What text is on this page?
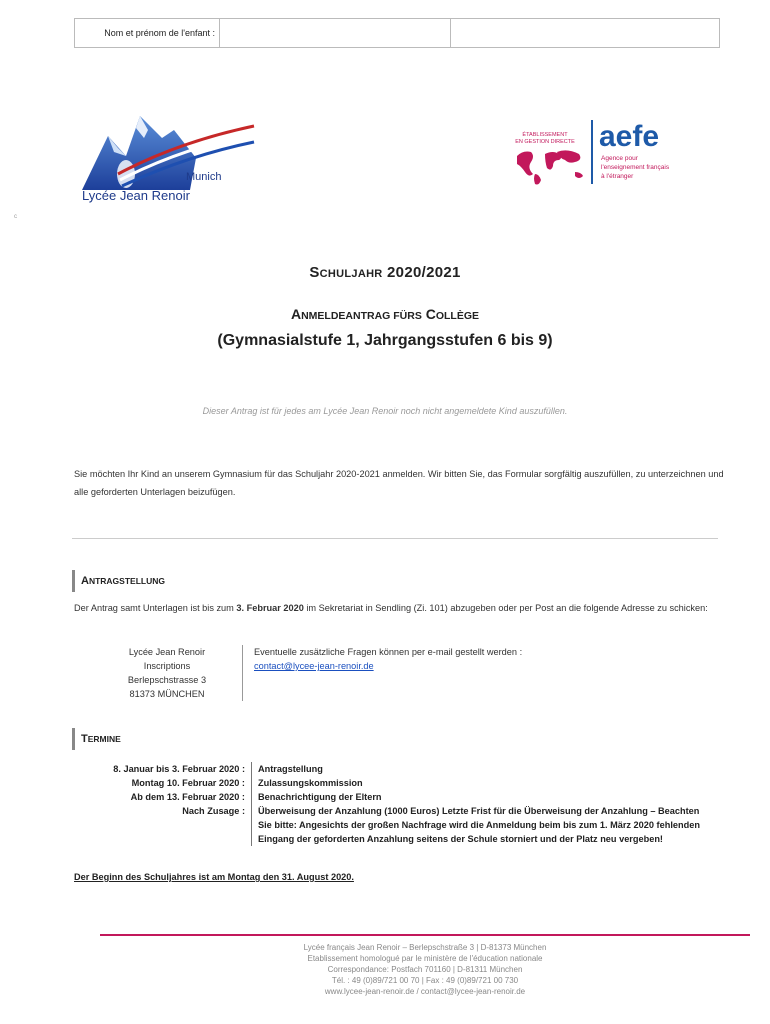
Nom et prénom de l'enfant :
Munich
Lycée Jean Renoir
ÉTABLISSEMENT
EN GESTION DIRECTE aefe
Agence pour
l'enseignement français
à l'étranger
c
SCHULJAHR 2020/2021
ANMELDEANTRAG FÜRS COLLÈGE
(Gymnasialstufe 1, Jahrgangsstufen 6 bis 9)
Dieser Antrag ist für jedes am Lycée Jean Renoir noch nicht angemeldete Kind auszufüllen.
Sie möchten Ihr Kind an unserem Gymnasium für das Schuljahr 2020-2021 anmelden. Wir bitten Sie, das Formular sorgfältig auszufüllen, zu unterzeichnen und alle geforderten Unterlagen beizufügen.
A NTRAGSTELLUNG
Der Antrag samt Unterlagen ist bis zum 3. Februar 2020 im Sekretariat in Sendling (Zi. 101) abzugeben oder per Post an die folgende Adresse zu schicken:
Lycée Jean Renoir
Inscriptions
Berlepschstrasse 3
81373 MÜNCHEN
Eventuelle zusätzliche Fragen können per e-mail gestellt werden :
contact@lycee-jean-renoir.de
T ERMINE
8. Januar bis 3. Februar 2020 :	Antragstellung
Montag 10. Februar 2020 :	Zulassungskommission
Ab dem 13. Februar 2020 :	Benachrichtigung der Eltern
Nach Zusage :	Überweisung der Anzahlung (1000 Euros) Letzte Frist für die Überweisung der Anzahlung – Beachten Sie bitte: Angesichts der großen Nachfrage wird die Anmeldung beim bis zum 1. März 2020 fehlenden Eingang der geforderten Anzahlung seitens der Schule storniert und der Platz neu vergeben!
Der Beginn des Schuljahres ist am Montag den 31. August 2020.
Lycée français Jean Renoir – Berlepschstraße 3 | D-81373 München
Etablissement homologué par le ministère de l'éducation nationale
Correspondance: Postfach 701160 | D-81311 München
Tél. : 49 (0)89/721 00 70 | Fax : 49 (0)89/721 00 730
www.lycee-jean-renoir.de / contact@lycee-jean-renoir.de
